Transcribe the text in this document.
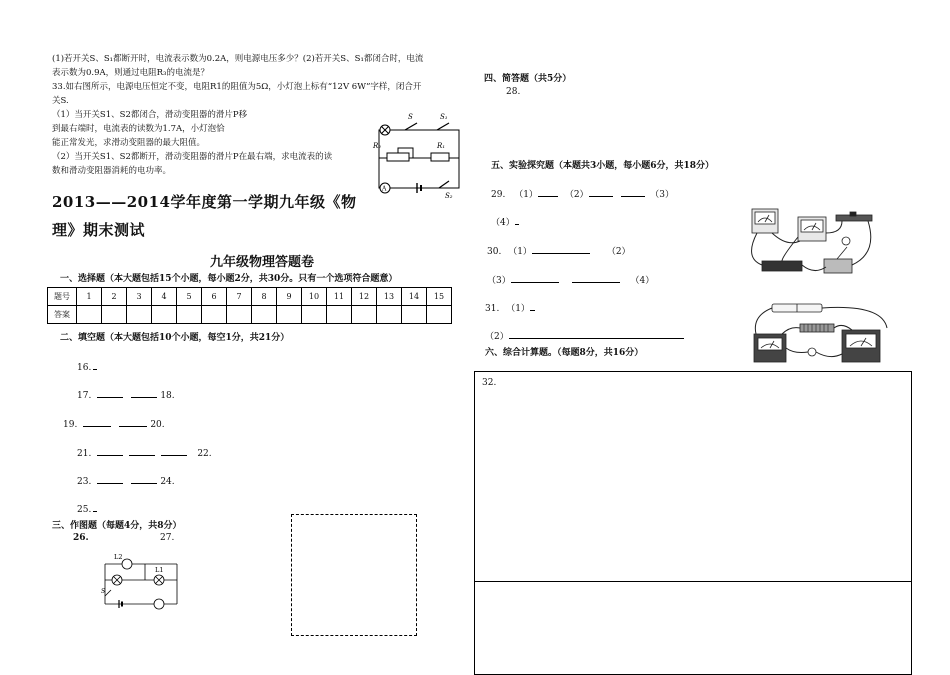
(1)若开关S、S₁都断开时，电流表示数为0.2A，则电源电压多少？(2)若开关S、S₁都闭合时，电流
表示数为0.9A，则通过电阻R₃的电流是？
33.如右图所示，电源电压恒定不变，电阻R1的阻值为5Ω，小灯泡上标有“12V 6W”字样，闭合开
关S.
（1）当开关S1、S2都闭合，滑动变阻器的滑片P移
到最右端时，电流表的读数为1.7A，小灯泡恰
能正常发光，求滑动变阻器的最大阻值。
（2）当开关S1、S2都断开，滑动变阻器的滑片P在最右端，求电流表的读
数和滑动变阻器消耗的电功率。
S	S₁
R₂	R₁
A
S₂
2013——2014学年度第一学期九年级《物
理》期末测试
九年级物理答题卷
一、选择题（本大题包括15个小题，每小题2分，共30分。只有一个选项符合题意）
题号	1	2	3	4	5	6	7	8	9	10	11	12	13	14	15
答案															
二、填空题（本大题包括10个小题，每空1分，共21分）
16.
17.	18.
19.	20.
21.	22.
23.	24.
25.
三、作图题（每题4分，共8分）
26.	27.
L2
L1
S
四、简答题（共5分）
28.
五、实验探究题（本题共3小题，每小题6分，共18分）
29. （1）	（2）	（3）
（4）
30. （1）	（2）
（3）	（4）
31. （1）
（2）
六、综合计算题。（每题8分，共16分）
32.
